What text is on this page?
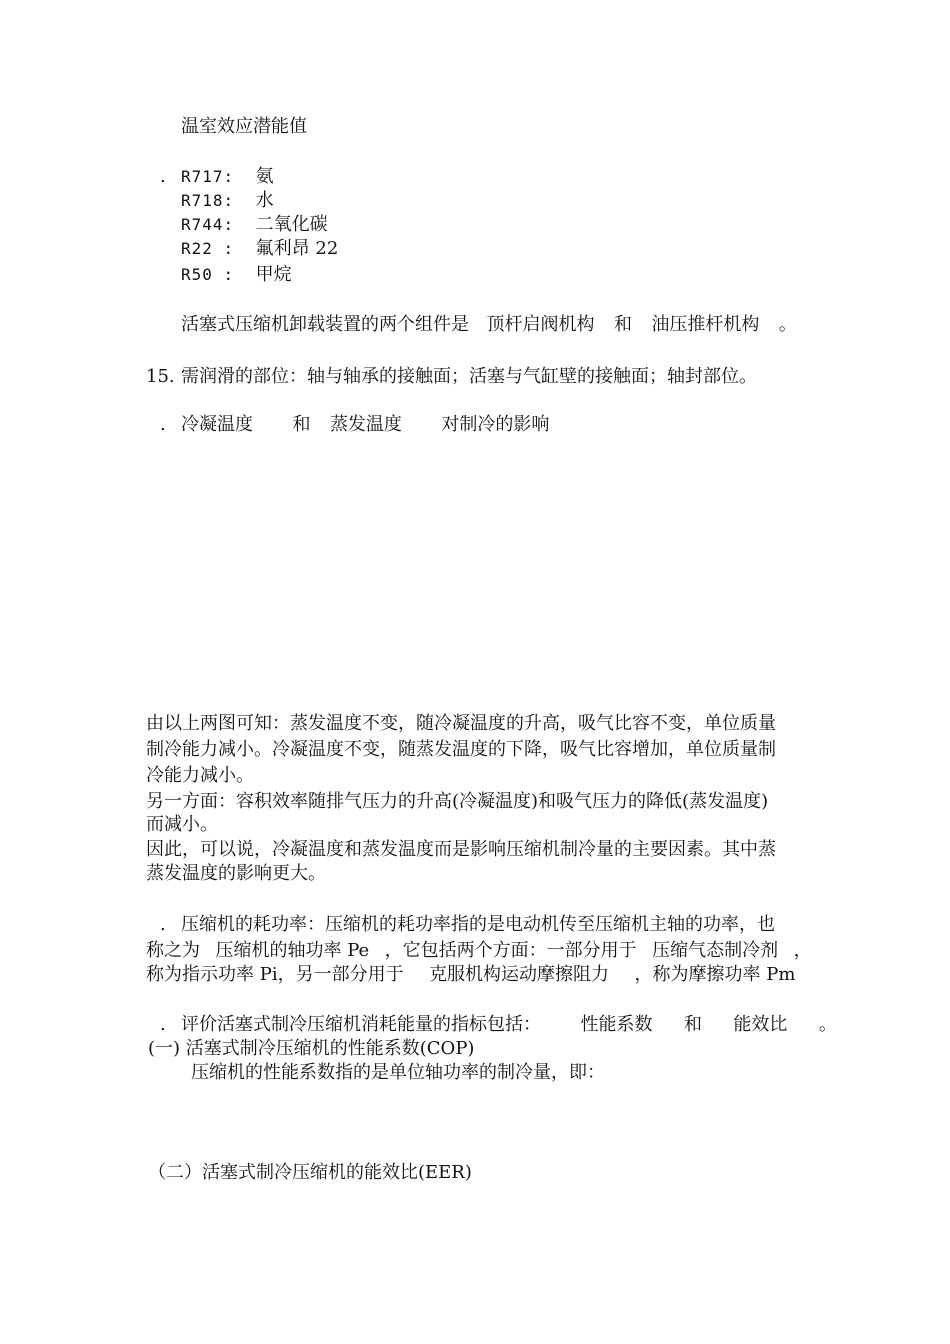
温室效应潜能值
. R717: 氨
R718: 水
R744: 二氧化碳
R22 : 氟利昂 22
R50 : 甲烷
活塞式压缩机卸载装置的两个组件是 顶杆启阀机构 和 油压推杆机构 。
15. 需润滑的部位：轴与轴承的接触面；活塞与气缸壁的接触面；轴封部位。
. 冷凝温度 和 蒸发温度 对制冷的影响
由以上两图可知：蒸发温度不变，随冷凝温度的升高，吸气比容不变，单位质量
制冷能力减小。冷凝温度不变，随蒸发温度的下降，吸气比容增加，单位质量制
冷能力减小。
另一方面：容积效率随排气压力的升高(冷凝温度)和吸气压力的降低(蒸发温度)
而减小。
因此，可以说，冷凝温度和蒸发温度而是影响压缩机制冷量的主要因素。其中蒸
蒸发温度的影响更大。
. 压缩机的耗功率：压缩机的耗功率指的是电动机传至压缩机主轴的功率，也
称之为 压缩机的轴功率 Pe ，它包括两个方面：一部分用于 压缩气态制冷剂 ，
称为指示功率 Pi，另一部分用于 克服机构运动摩擦阻力 ，称为摩擦功率 Pm
. 评价活塞式制冷压缩机消耗能量的指标包括： 性能系数 和 能效比 。
(一) 活塞式制冷压缩机的性能系数(COP)
压缩机的性能系数指的是单位轴功率的制冷量，即：
（二）活塞式制冷压缩机的能效比(EER)
